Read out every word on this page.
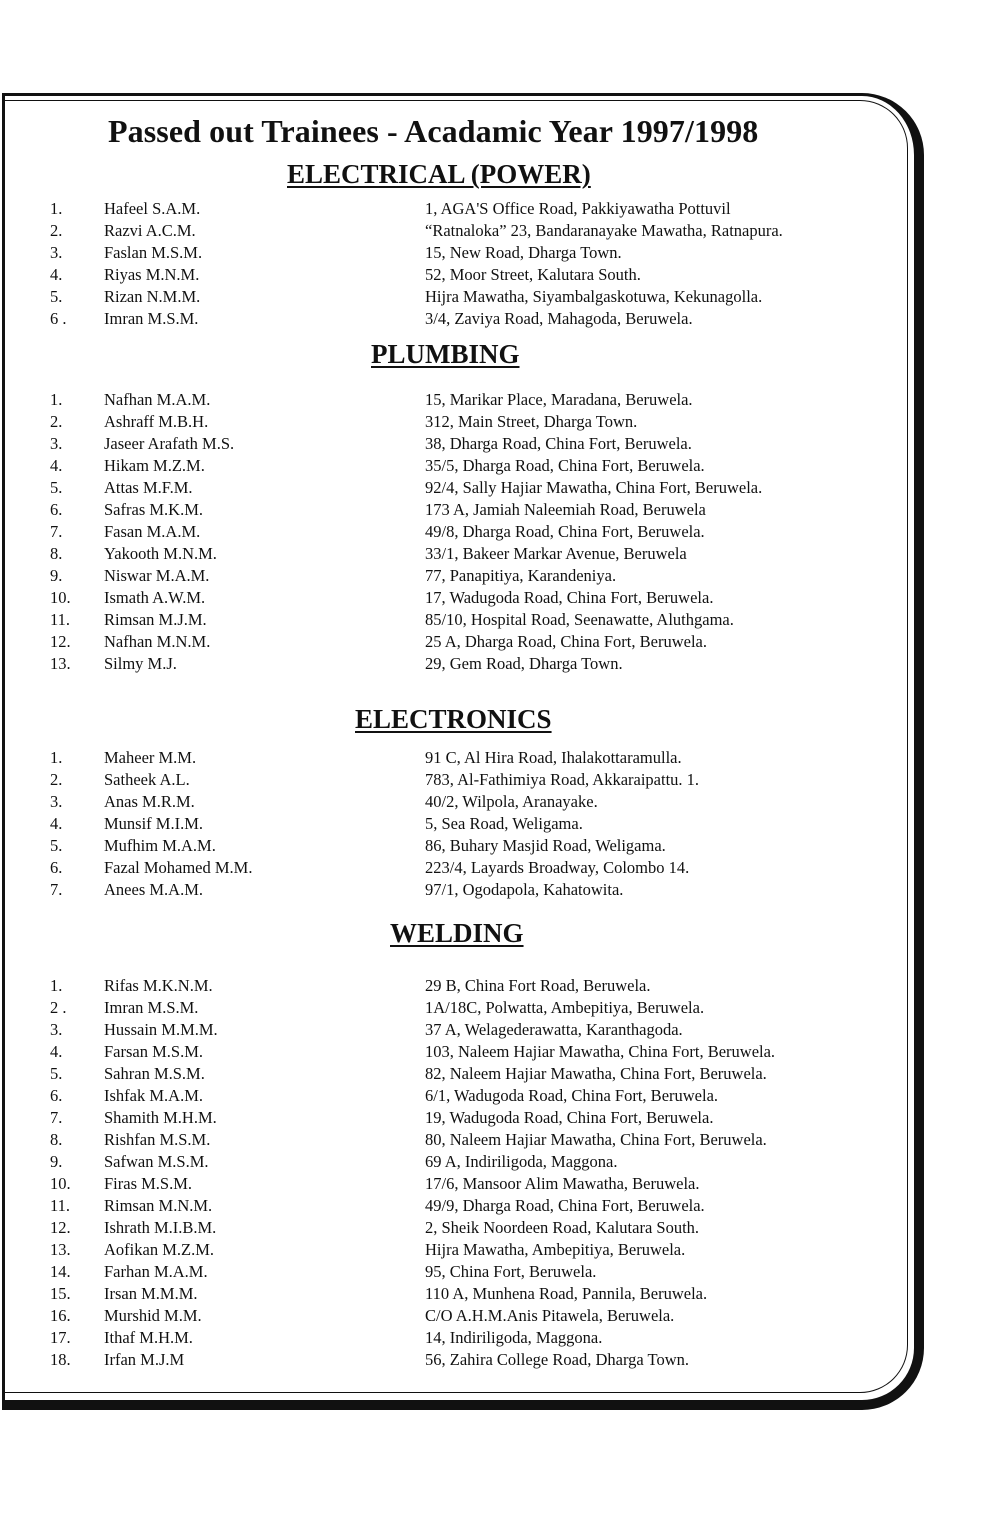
Passed out Trainees - Acadamic Year 1997/1998
ELECTRICAL (POWER)
1.	Hafeel S.A.M.	1, AGA'S Office Road, Pakkiyawatha Pottuvil
2.	Razvi A.C.M.	“Ratnaloka” 23, Bandaranayake Mawatha, Ratnapura.
3.	Faslan M.S.M.	15, New Road, Dharga Town.
4.	Riyas M.N.M.	52, Moor Street, Kalutara South.
5.	Rizan N.M.M.	Hijra Mawatha, Siyambalgaskotuwa, Kekunagolla.
6 .	Imran M.S.M.	3/4, Zaviya Road, Mahagoda, Beruwela.
PLUMBING
1.	Nafhan M.A.M.	15, Marikar Place, Maradana, Beruwela.
2.	Ashraff M.B.H.	312, Main Street, Dharga Town.
3.	Jaseer Arafath M.S.	38, Dharga Road, China Fort, Beruwela.
4.	Hikam M.Z.M.	35/5, Dharga Road, China Fort, Beruwela.
5.	Attas M.F.M.	92/4, Sally Hajiar Mawatha, China Fort, Beruwela.
6.	Safras M.K.M.	173 A, Jamiah Naleemiah Road, Beruwela
7.	Fasan M.A.M.	49/8, Dharga Road, China Fort, Beruwela.
8.	Yakooth M.N.M.	33/1, Bakeer Markar Avenue, Beruwela
9.	Niswar M.A.M.	77, Panapitiya, Karandeniya.
10.	Ismath A.W.M.	17, Wadugoda Road, China Fort, Beruwela.
11.	Rimsan M.J.M.	85/10, Hospital Road, Seenawatte, Aluthgama.
12.	Nafhan M.N.M.	25 A, Dharga Road, China Fort, Beruwela.
13.	Silmy M.J.	29, Gem Road, Dharga Town.
ELECTRONICS
1.	Maheer M.M.	91 C, Al Hira Road, Ihalakottaramulla.
2.	Satheek A.L.	783, Al-Fathimiya Road, Akkaraipattu. 1.
3.	Anas M.R.M.	40/2, Wilpola, Aranayake.
4.	Munsif M.I.M.	5, Sea Road, Weligama.
5.	Mufhim M.A.M.	86, Buhary Masjid Road, Weligama.
6.	Fazal Mohamed M.M.	223/4, Layards Broadway, Colombo 14.
7.	Anees M.A.M.	97/1, Ogodapola, Kahatowita.
WELDING
1.	Rifas M.K.N.M.	29 B, China Fort Road, Beruwela.
2 .	Imran M.S.M.	1A/18C, Polwatta, Ambepitiya, Beruwela.
3.	Hussain M.M.M.	37 A, Welagederawatta, Karanthagoda.
4.	Farsan M.S.M.	103, Naleem Hajiar Mawatha, China Fort, Beruwela.
5.	Sahran M.S.M.	82, Naleem Hajiar Mawatha, China Fort, Beruwela.
6.	Ishfak M.A.M.	6/1, Wadugoda Road, China Fort, Beruwela.
7.	Shamith M.H.M.	19, Wadugoda Road, China Fort, Beruwela.
8.	Rishfan M.S.M.	80, Naleem Hajiar Mawatha, China Fort, Beruwela.
9.	Safwan M.S.M.	69 A, Indiriligoda, Maggona.
10.	Firas M.S.M.	17/6, Mansoor Alim Mawatha, Beruwela.
11.	Rimsan M.N.M.	49/9, Dharga Road, China Fort, Beruwela.
12.	Ishrath M.I.B.M.	2, Sheik Noordeen Road, Kalutara South.
13.	Aofikan M.Z.M.	Hijra Mawatha, Ambepitiya, Beruwela.
14.	Farhan M.A.M.	95, China Fort, Beruwela.
15.	Irsan M.M.M.	110 A, Munhena Road, Pannila, Beruwela.
16.	Murshid M.M.	C/O A.H.M.Anis Pitawela, Beruwela.
17.	Ithaf M.H.M.	14, Indiriligoda, Maggona.
18.	Irfan M.J.M	56, Zahira College Road, Dharga Town.
